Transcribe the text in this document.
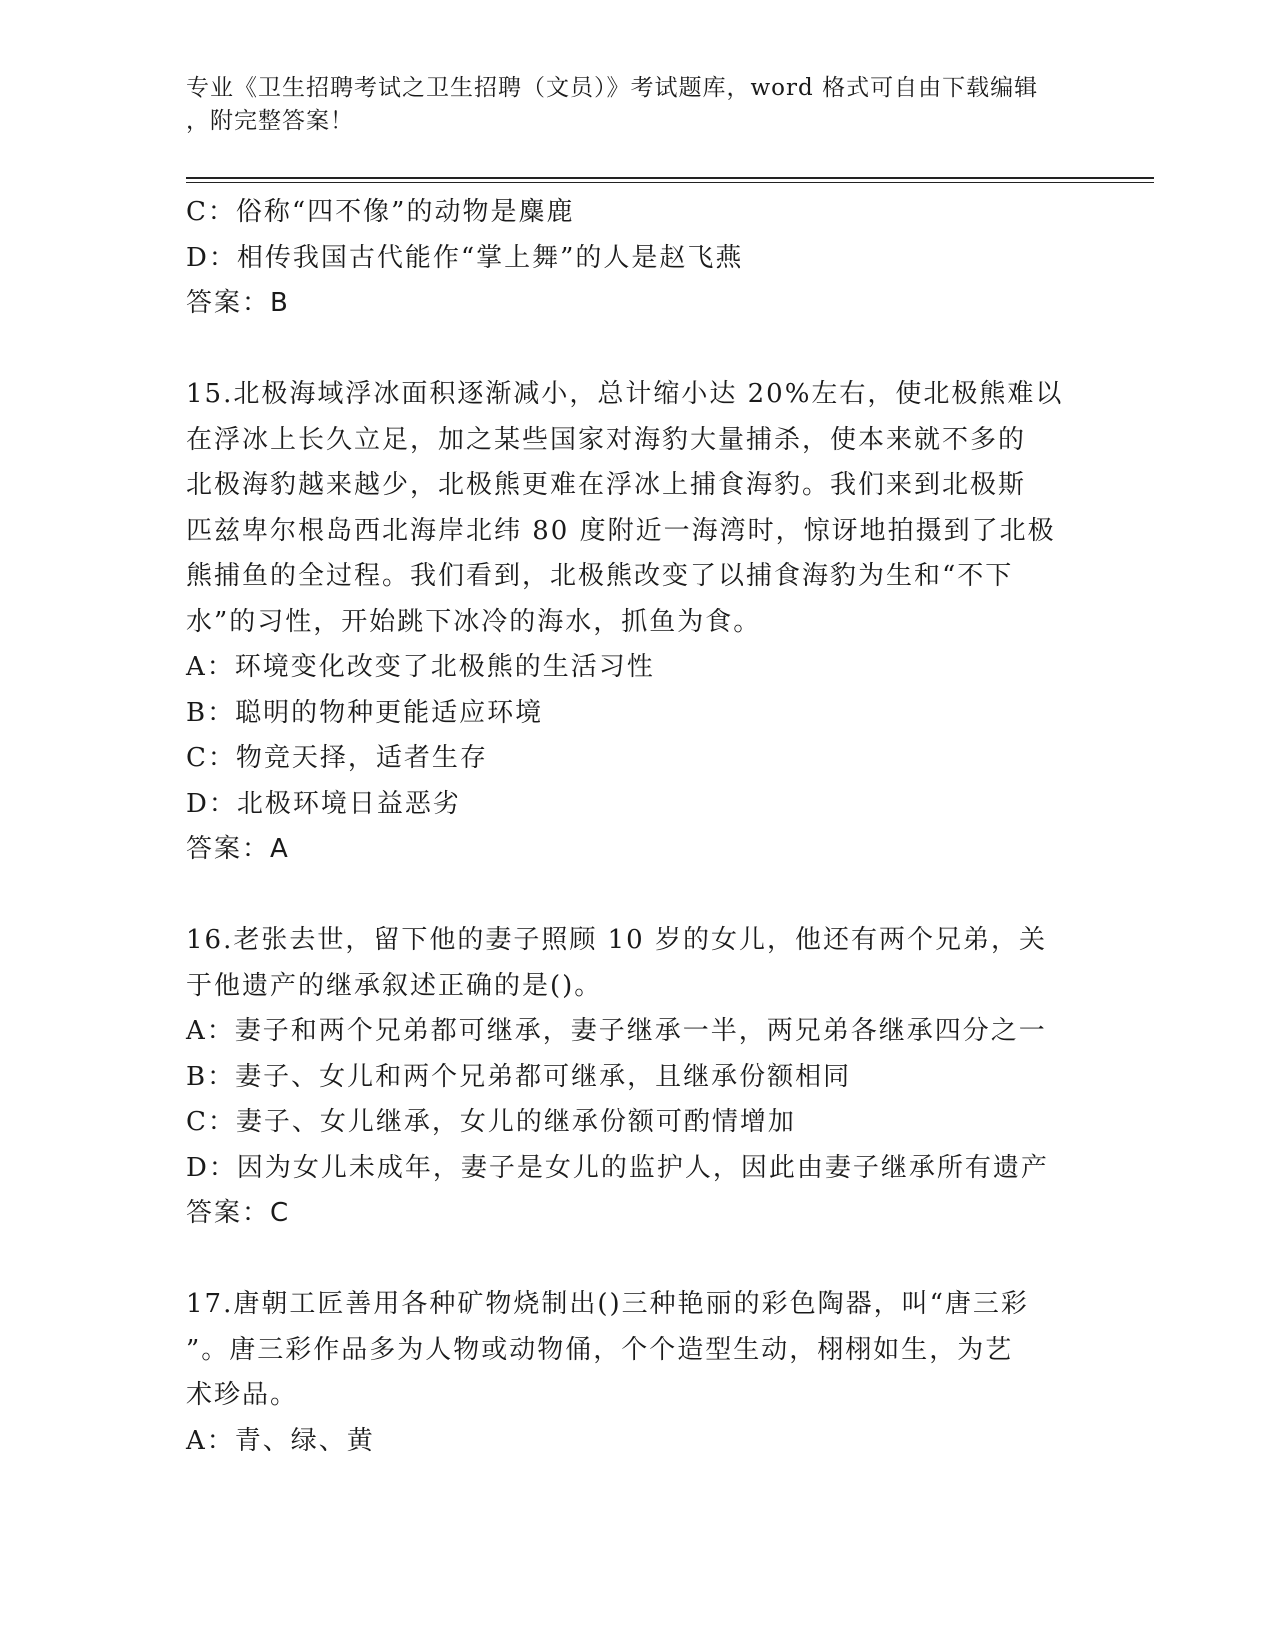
专业《卫生招聘考试之卫生招聘（文员）》考试题库，word 格式可自由下载编辑
，附完整答案！
C：俗称“四不像”的动物是麋鹿
D：相传我国古代能作“掌上舞”的人是赵飞燕
答案：B
15.北极海域浮冰面积逐渐减小，总计缩小达 20%左右，使北极熊难以
在浮冰上长久立足，加之某些国家对海豹大量捕杀，使本来就不多的
北极海豹越来越少，北极熊更难在浮冰上捕食海豹。我们来到北极斯
匹兹卑尔根岛西北海岸北纬 80 度附近一海湾时，惊讶地拍摄到了北极
熊捕鱼的全过程。我们看到，北极熊改变了以捕食海豹为生和“不下
水”的习性，开始跳下冰冷的海水，抓鱼为食。
A：环境变化改变了北极熊的生活习性
B：聪明的物种更能适应环境
C：物竞天择，适者生存
D：北极环境日益恶劣
答案：A
16.老张去世，留下他的妻子照顾 10 岁的女儿，他还有两个兄弟，关
于他遗产的继承叙述正确的是()。
A：妻子和两个兄弟都可继承，妻子继承一半，两兄弟各继承四分之一
B：妻子、女儿和两个兄弟都可继承，且继承份额相同
C：妻子、女儿继承，女儿的继承份额可酌情增加
D：因为女儿未成年，妻子是女儿的监护人，因此由妻子继承所有遗产
答案：C
17.唐朝工匠善用各种矿物烧制出()三种艳丽的彩色陶器，叫“唐三彩
”。唐三彩作品多为人物或动物俑，个个造型生动，栩栩如生，为艺
术珍品。
A：青、绿、黄
